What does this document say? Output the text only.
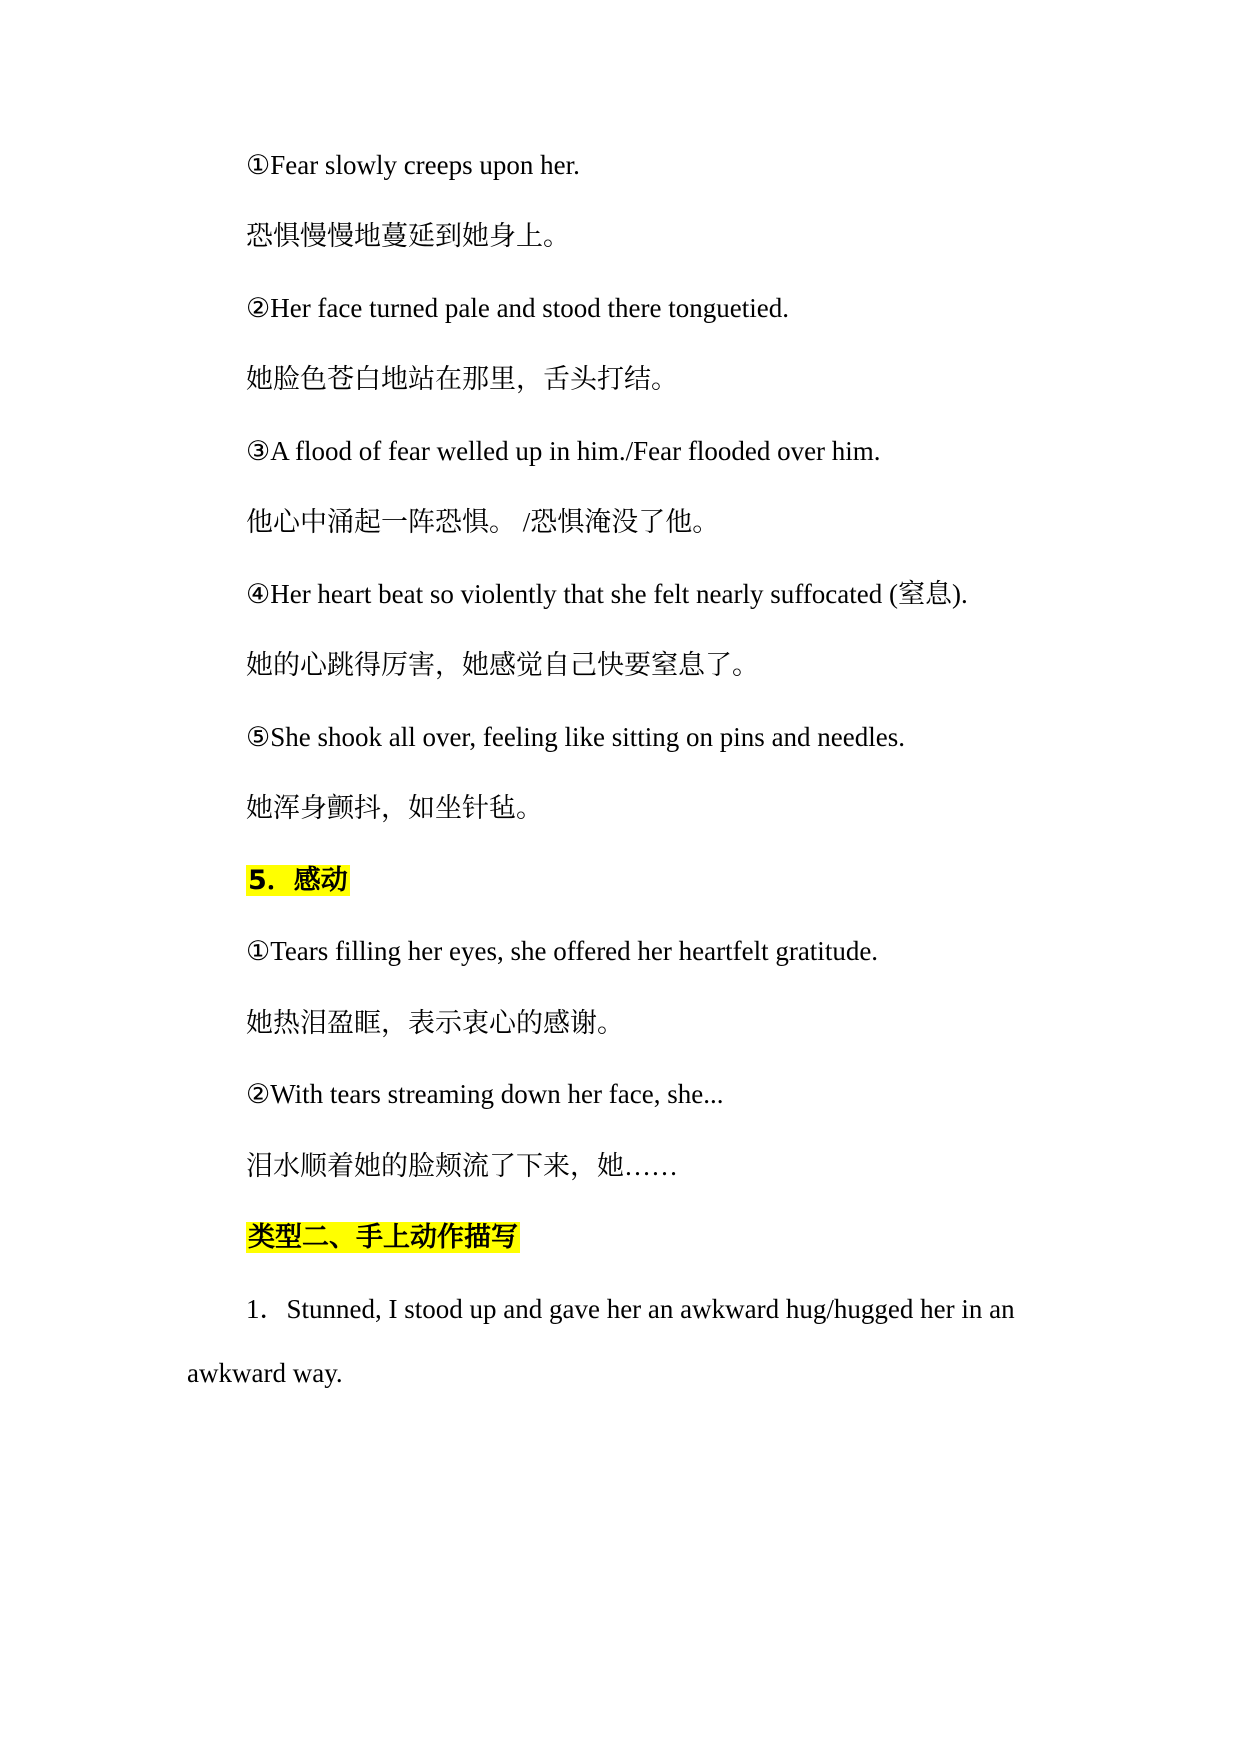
①Fear slowly creeps upon her.
恐惧慢慢地蔓延到她身上。
②Her face turned pale and stood there tonguetied.
她脸色苍白地站在那里，舌头打结。
③A flood of fear welled up in him./Fear flooded over him.
他心中涌起一阵恐惧。 /恐惧淹没了他。
④Her heart beat so violently that she felt nearly suffocated (窒息).
她的心跳得厉害，她感觉自己快要窒息了。
⑤She shook all over, feeling like sitting on pins and needles.
她浑身颤抖，如坐针毡。
5．感动
①Tears filling her eyes, she offered her heartfelt gratitude.
她热泪盈眶，表示衷心的感谢。
②With tears streaming down her face, she...
泪水顺着她的脸颊流了下来，她……
类型二、手上动作描写
1．Stunned, I stood up and gave her an awkward hug/hugged her in an awkward way.
